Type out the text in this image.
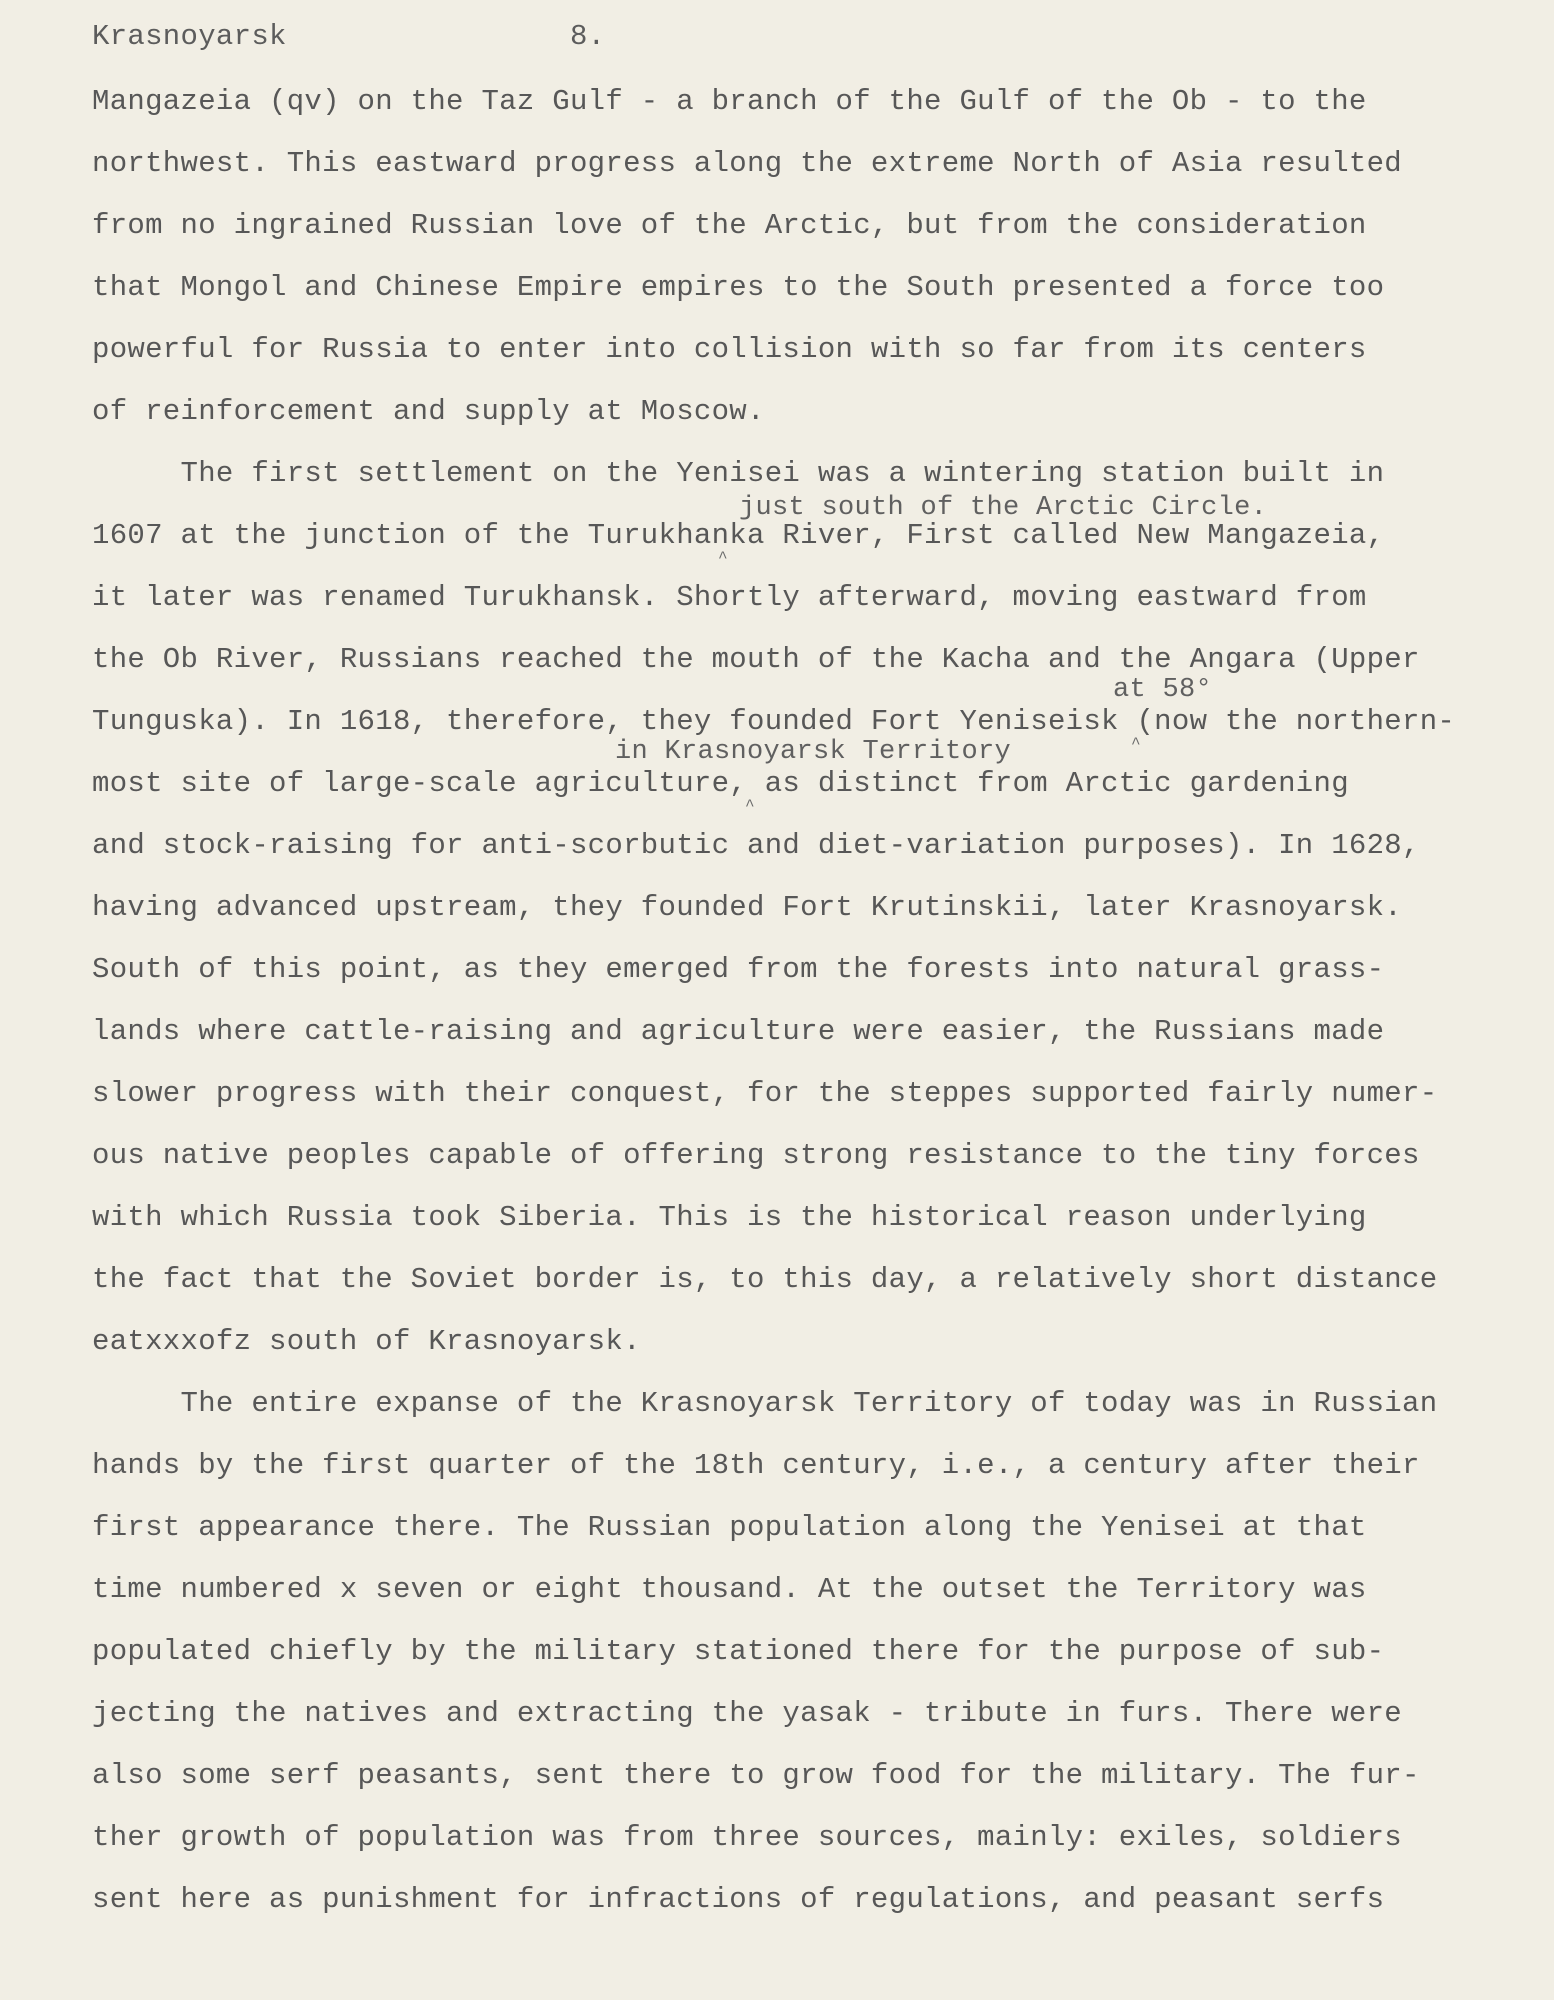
Krasnoyarsk	8.
Mangazeia (qv) on the Taz Gulf - a branch of the Gulf of the Ob - to the
northwest. This eastward progress along the extreme North of Asia resulted
from no ingrained Russian love of the Arctic, but from the consideration
that Mongol and Chinese Empire empires to the South presented a force too
powerful for Russia to enter into collision with so far from its centers
of reinforcement and supply at Moscow.
The first settlement on the Yenisei was a wintering station built in
just south of the Arctic Circle.
1607 at the junction of the Turukhanka River, First called New Mangazeia,
^
it later was renamed Turukhansk. Shortly afterward, moving eastward from
the Ob River, Russians reached the mouth of the Kacha and the Angara (Upper
at 58°
Tunguska). In 1618, therefore, they founded Fort Yeniseisk (now the northern-
^
in Krasnoyarsk Territory
most site of large-scale agriculture, as distinct from Arctic gardening
^
and stock-raising for anti-scorbutic and diet-variation purposes). In 1628,
having advanced upstream, they founded Fort Krutinskii, later Krasnoyarsk.
South of this point, as they emerged from the forests into natural grass-
lands where cattle-raising and agriculture were easier, the Russians made
slower progress with their conquest, for the steppes supported fairly numer-
ous native peoples capable of offering strong resistance to the tiny forces
with which Russia took Siberia. This is the historical reason underlying
the fact that the Soviet border is, to this day, a relatively short distance
eatxxxofz south of Krasnoyarsk.
The entire expanse of the Krasnoyarsk Territory of today was in Russian
hands by the first quarter of the 18th century, i.e., a century after their
first appearance there. The Russian population along the Yenisei at that
time numbered x seven or eight thousand. At the outset the Territory was
populated chiefly by the military stationed there for the purpose of sub-
jecting the natives and extracting the yasak - tribute in furs. There were
also some serf peasants, sent there to grow food for the military. The fur-
ther growth of population was from three sources, mainly: exiles, soldiers
sent here as punishment for infractions of regulations, and peasant serfs
